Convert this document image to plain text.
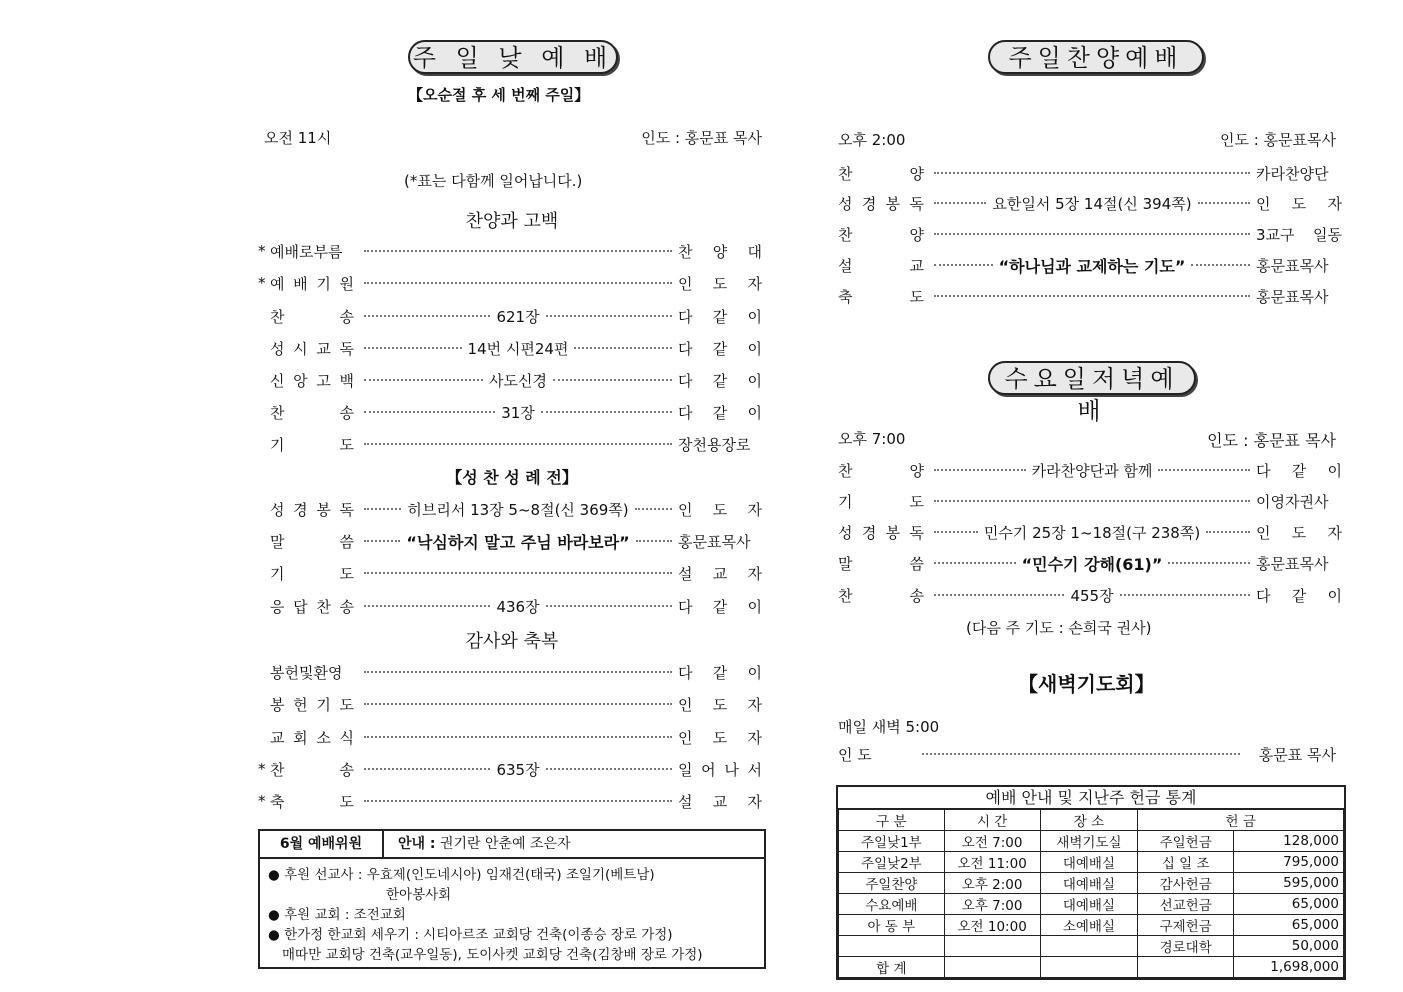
주 일 낮 예 배
【오순절 후 세 번째 주일】
오전 11시	인도 : 홍문표 목사
(*표는 다함께 일어납니다.)
찬양과 고백
* 예배로부름	찬 양 대
* 예 배 기 원	인 도 자
찬	송	621장	다 같 이
성 시 교 독	14번 시편24편	다 같 이
신 앙 고 백	사도신경	다 같 이
찬	송	31장	다 같 이
기	도	장천용장로
성 경 봉 독	히브리서 13장 5~8절(신 369쪽)	인 도 자
말	씀	“낙심하지 말고 주님 바라보라”	홍문표목사
기	도	설 교 자
응 답 찬 송	436장	다 같 이
봉헌및환영	다 같 이
봉 헌 기 도	인 도 자
교 회 소 식	인 도 자
* 찬	송	635장	일 어 나 서
* 축	도	설 교 자
【성 찬 성 례 전】
감사와 축복
6월 예배위원	안내 : 권기란 안춘예 조은자
● 후원 선교사 : 우효제(인도네시아) 임재건(태국) 조일기(베트남)
한아봉사회
● 후원 교회 : 조전교회
● 한가정 한교회 세우기 : 시티아르조 교회당 건축(이종승 장로 가정)
매따만 교회당 건축(교우일동), 도이사켓 교회당 건축(김창배 장로 가정)
주일찬양예배
오후 2:00	인도 : 홍문표목사
찬	양	카라찬양단
성 경 봉 독	요한일서 5장 14절(신 394쪽)	인 도 자
찬	양	3교구 일동
설	교	“하나님과 교제하는 기도”	홍문표목사
축	도	홍문표목사
수요일저녁예배
오후 7:00	인도 : 홍문표 목사
찬	양	카라찬양단과 함께	다 같 이
기	도	이영자권사
성 경 봉 독	민수기 25장 1~18절(구 238쪽)	인 도 자
말	씀	“민수기 강해(61)”	홍문표목사
찬	송	455장	다 같 이
(다음 주 기도 : 손희국 권사)
【새벽기도회】
매일 새벽 5:00
인 도	홍문표 목사
예배 안내 및 지난주 헌금 통계
구 분	시 간	장 소	헌 금	
주일낮1부	오전 7:00	새벽기도실	주일헌금	128,000
주일낮2부	오전 11:00	대예배실	십 일 조	795,000
주일찬양	오후 2:00	대예배실	감사헌금	595,000
수요예배	오후 7:00	대예배실	선교헌금	65,000
아 동 부	오전 10:00	소예배실	구제헌금	65,000
			경로대학	50,000
합 계				1,698,000
